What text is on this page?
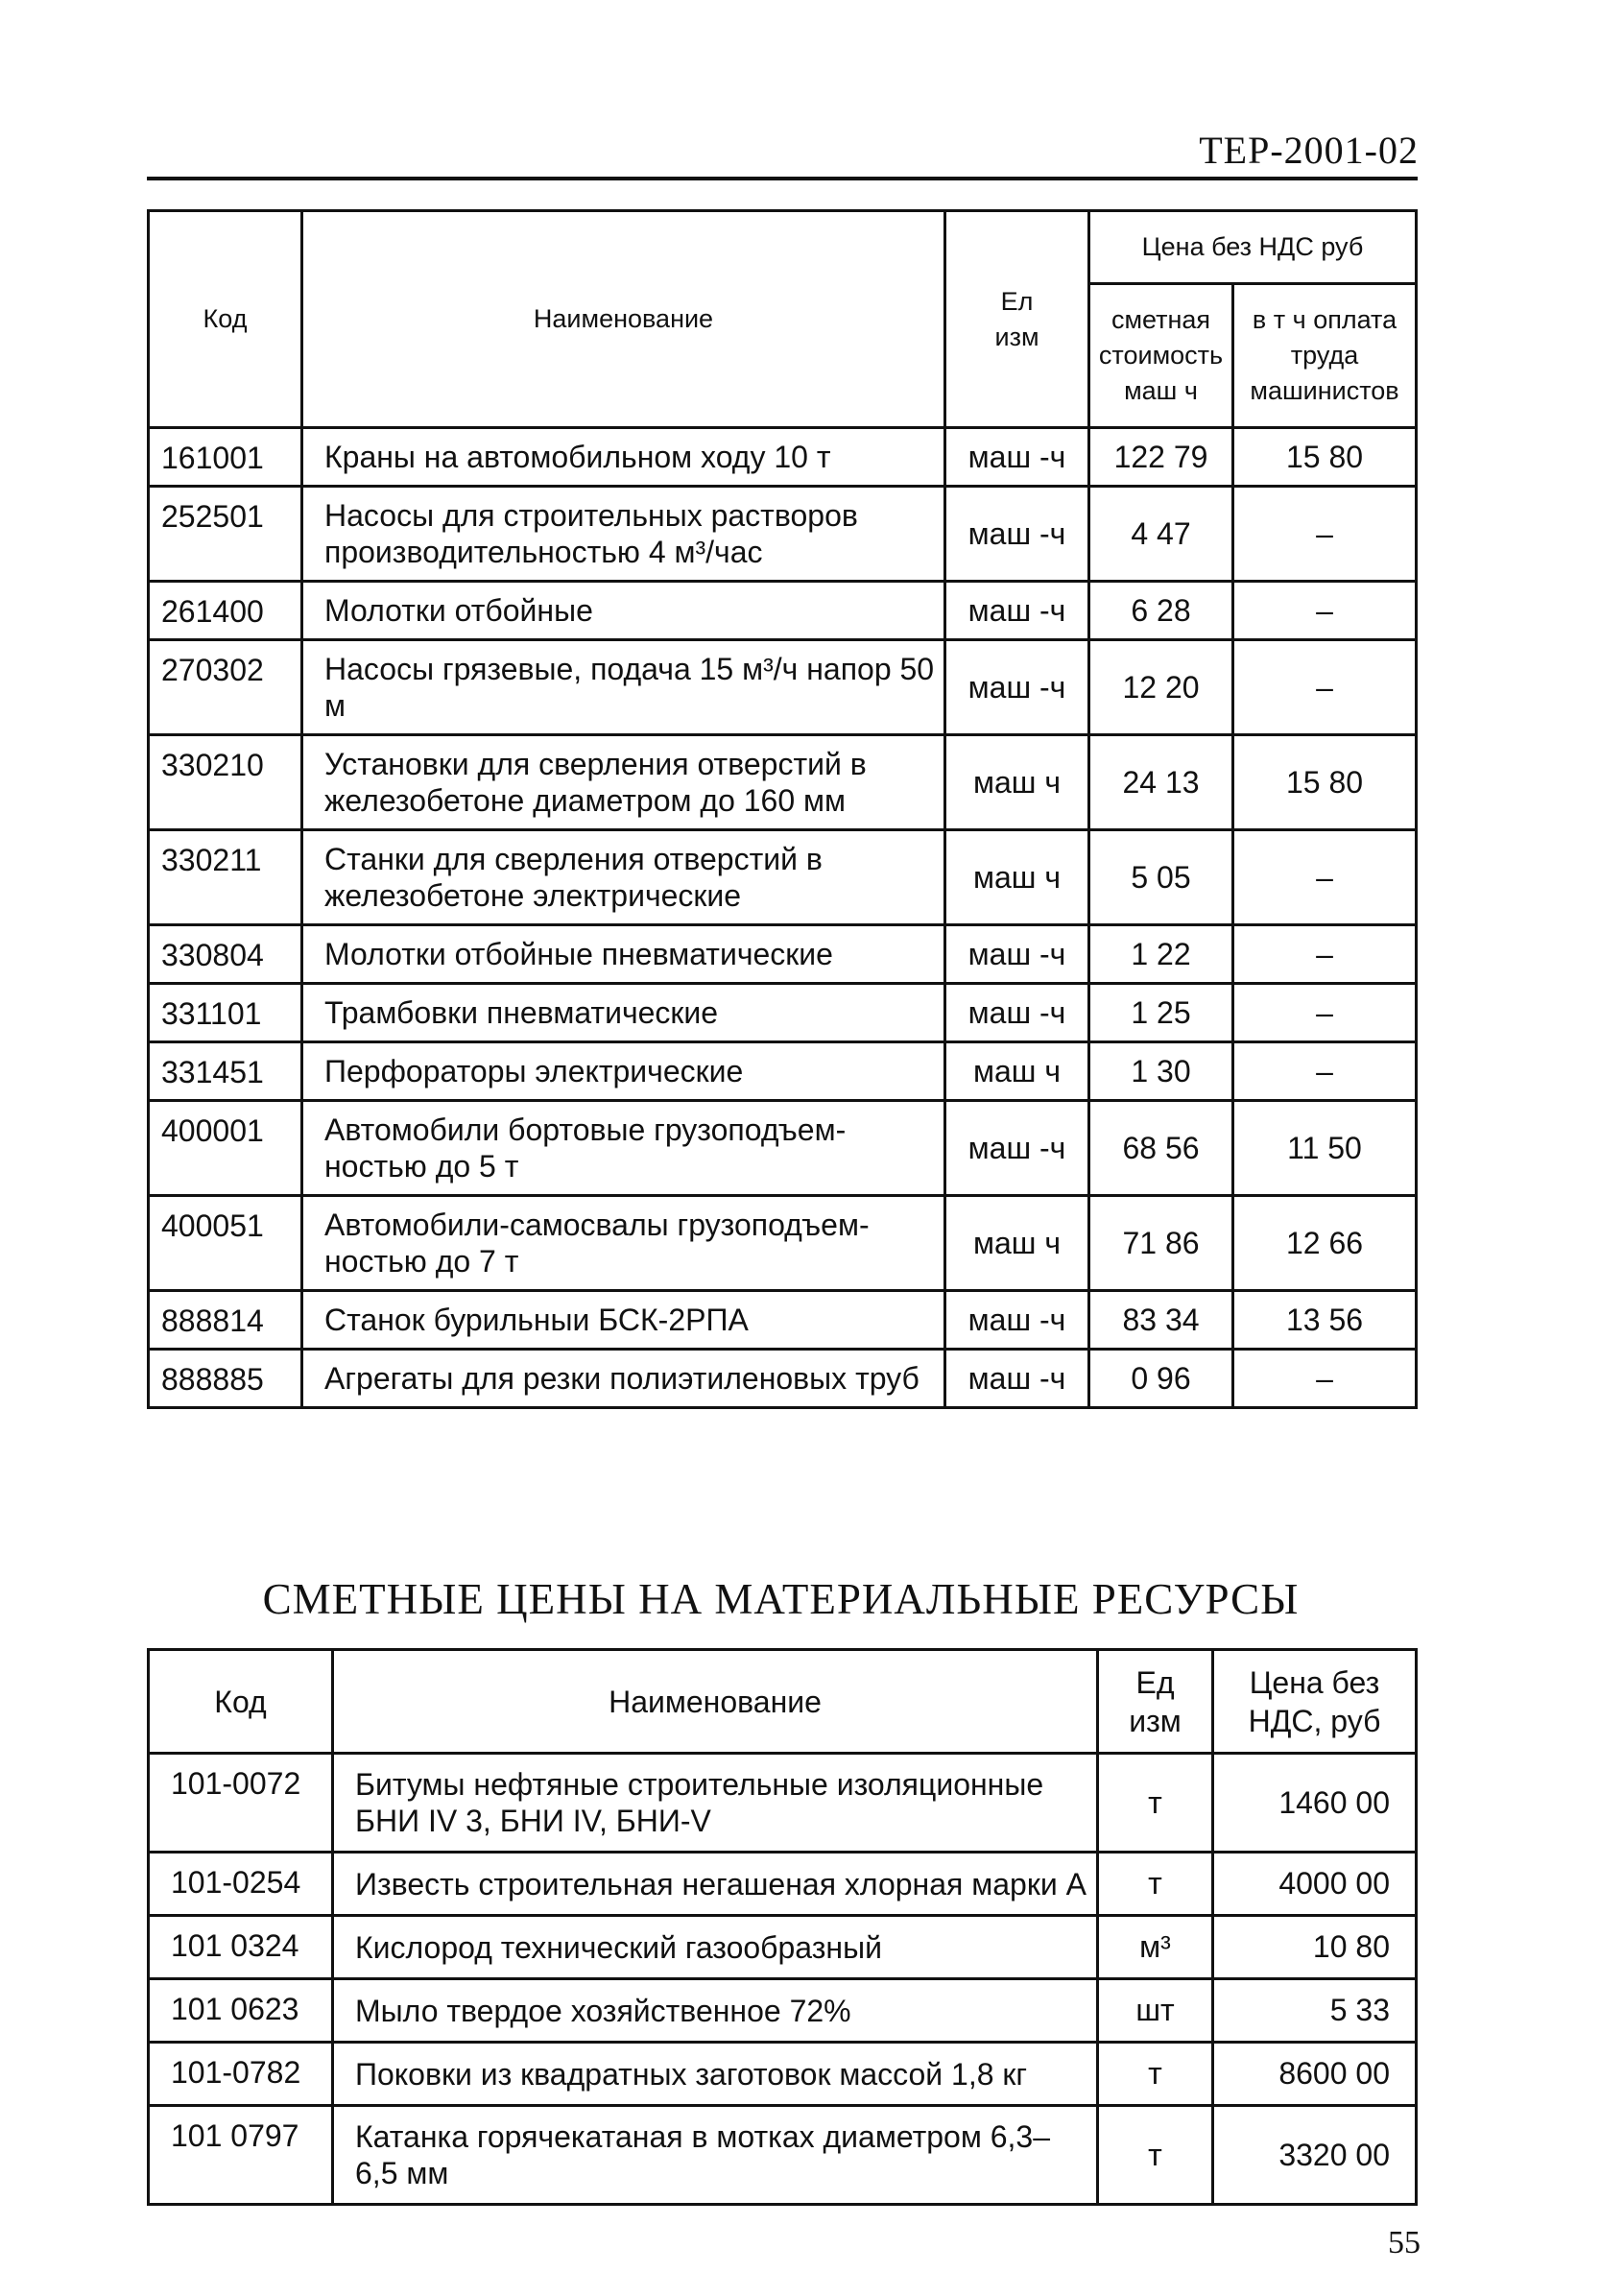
ТЕР-2001-02
Код	Наименование	Ел изм	Цена без НДС руб	
			сметная стоимость маш ч	в т ч оплата труда машинистов
161001	Краны на автомобильном ходу 10 т	маш -ч	122 79	15 80
252501	Насосы для строительных растворов производительностью 4 м³/час	маш -ч	4 47	–
261400	Молотки отбойные	маш -ч	6 28	–
270302	Насосы грязевые, подача 15 м³/ч напор 50 м	маш -ч	12 20	–
330210	Установки для сверления отверстий в железобетоне диаметром до 160 мм	маш ч	24 13	15 80
330211	Станки для сверления отверстий в железобетоне электрические	маш ч	5 05	–
330804	Молотки отбойные пневматические	маш -ч	1 22	–
331101	Трамбовки пневматические	маш -ч	1 25	–
331451	Перфораторы электрические	маш ч	1 30	–
400001	Автомобили бортовые грузоподъем-ностью до 5 т	маш -ч	68 56	11 50
400051	Автомобили-самосвалы грузоподъем-ностью до 7 т	маш ч	71 86	12 66
888814	Станок бурильныи БСК-2РПА	маш -ч	83 34	13 56
888885	Агрегаты для резки полиэтиленовых труб	маш -ч	0 96	–
СМЕТНЫЕ ЦЕНЫ НА МАТЕРИАЛЬНЫЕ РЕСУРСЫ
Код	Наименование	Ед изм	Цена без НДС, руб
101-0072	Битумы нефтяные строительные изоляционные БНИ IV 3, БНИ IV, БНИ-V	т	1460 00
101-0254	Известь строительная негашеная хлорная марки А	т	4000 00
101 0324	Кислород технический газообразный	м³	10 80
101 0623	Мыло твердое хозяйственное 72%	шт	5 33
101-0782	Поковки из квадратных заготовок массой 1,8 кг	т	8600 00
101 0797	Катанка горячекатаная в мотках диаметром 6,3–6,5 мм	т	3320 00
55
